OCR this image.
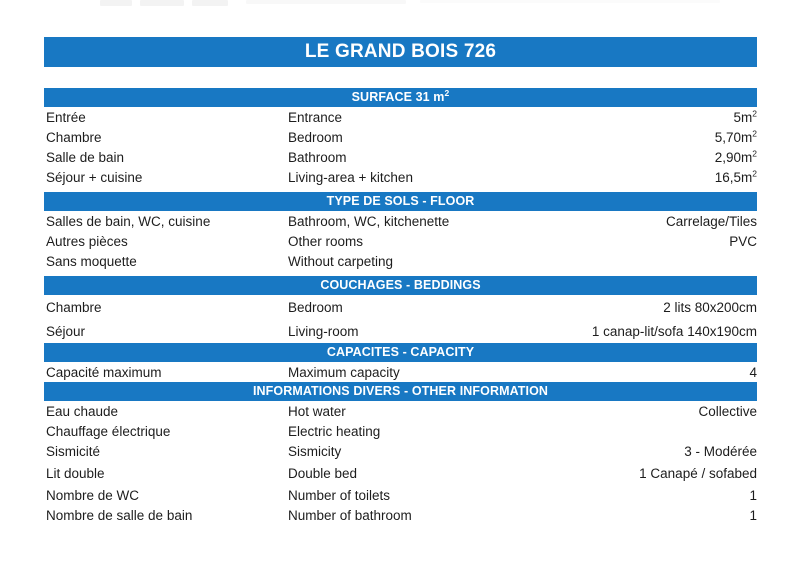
LE GRAND BOIS 726
SURFACE 31 $m^2$
Entrée	Entrance	$5m^2$
Chambre	Bedroom	$5,70m^2$
Salle de bain	Bathroom	$2,90m^2$
Séjour + cuisine	Living-area + kitchen	$16,5m^2$
TYPE DE SOLS - FLOOR
Salles de bain, WC, cuisine	Bathroom, WC, kitchenette	Carrelage/Tiles
Autres pièces	Other rooms	PVC
Sans moquette	Without carpeting
COUCHAGES - BEDDINGS
Chambre	Bedroom	2 lits 80x200cm
Séjour	Living-room	1 canap-lit/sofa 140x190cm
CAPACITES - CAPACITY
Capacité maximum	Maximum capacity	4
INFORMATIONS DIVERS - OTHER INFORMATION
Eau chaude	Hot water	Collective
Chauffage électrique	Electric heating
Sismicité	Sismicity	3 - Modérée
Lit double	Double bed	1 Canapé / sofabed
Nombre de WC	Number of toilets	1
Nombre de salle de bain	Number of bathroom	1
